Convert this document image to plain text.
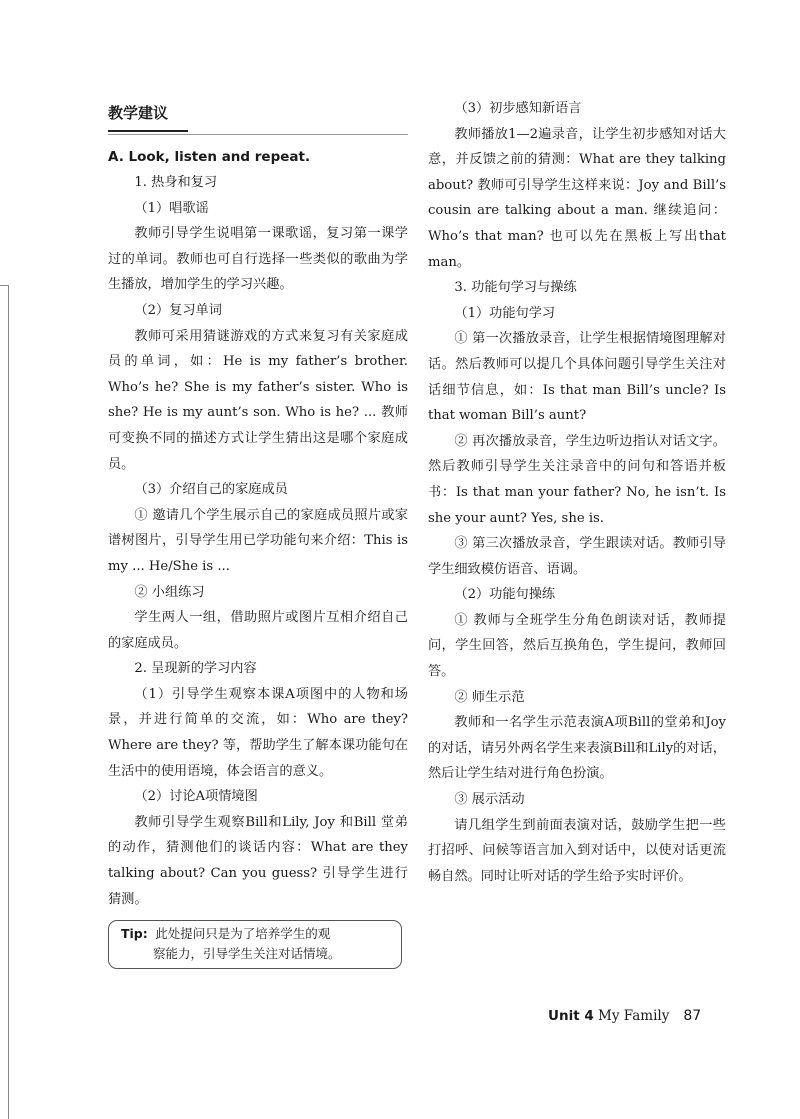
教学建议
A. Look, listen and repeat.

1. 热身和复习

（1）唱歌谣

教师引导学生说唱第一课歌谣，复习第一课学过的单词。教师也可自行选择一些类似的歌曲为学生播放，增加学生的学习兴趣。

（2）复习单词

教师可采用猜谜游戏的方式来复习有关家庭成员的单词，如：He is my father’s brother. Who’s he? She is my father’s sister. Who is she? He is my aunt’s son. Who is he? ... 教师可变换不同的描述方式让学生猜出这是哪个家庭成员。

（3）介绍自己的家庭成员

① 邀请几个学生展示自己的家庭成员照片或家谱树图片，引导学生用已学功能句来介绍：This is my ... He/She is ...

② 小组练习

学生两人一组，借助照片或图片互相介绍自己的家庭成员。

2. 呈现新的学习内容

（1）引导学生观察本课A项图中的人物和场景，并进行简单的交流，如：Who are they? Where are they? 等，帮助学生了解本课功能句在生活中的使用语境，体会语言的意义。

（2）讨论A项情境图

教师引导学生观察Bill和Lily, Joy 和Bill 堂弟的动作，猜测他们的谈话内容：What are they talking about? Can you guess? 引导学生进行猜测。

Tip: 此处提问只是为了培养学生的观
察能力，引导学生关注对话情境。

（3）初步感知新语言

教师播放1—2遍录音，让学生初步感知对话大意，并反馈之前的猜测：What are they talking about? 教师可引导学生这样来说：Joy and Bill’s cousin are talking about a man. 继续追问：Who’s that man? 也可以先在黑板上写出that man。

3. 功能句学习与操练

（1）功能句学习

① 第一次播放录音，让学生根据情境图理解对话。然后教师可以提几个具体问题引导学生关注对话细节信息，如：Is that man Bill’s uncle? Is that woman Bill’s aunt?

② 再次播放录音，学生边听边指认对话文字。然后教师引导学生关注录音中的问句和答语并板书：Is that man your father? No, he isn’t. Is she your aunt? Yes, she is.

③ 第三次播放录音，学生跟读对话。教师引导学生细致模仿语音、语调。

（2）功能句操练

① 教师与全班学生分角色朗读对话，教师提问，学生回答，然后互换角色，学生提问，教师回答。

② 师生示范

教师和一名学生示范表演A项Bill的堂弟和Joy的对话，请另外两名学生来表演Bill和Lily的对话，然后让学生结对进行角色扮演。

③ 展示活动

请几组学生到前面表演对话，鼓励学生把一些打招呼、问候等语言加入到对话中，以使对话更流畅自然。同时让听对话的学生给予实时评价。

Unit 4 My Family 87
